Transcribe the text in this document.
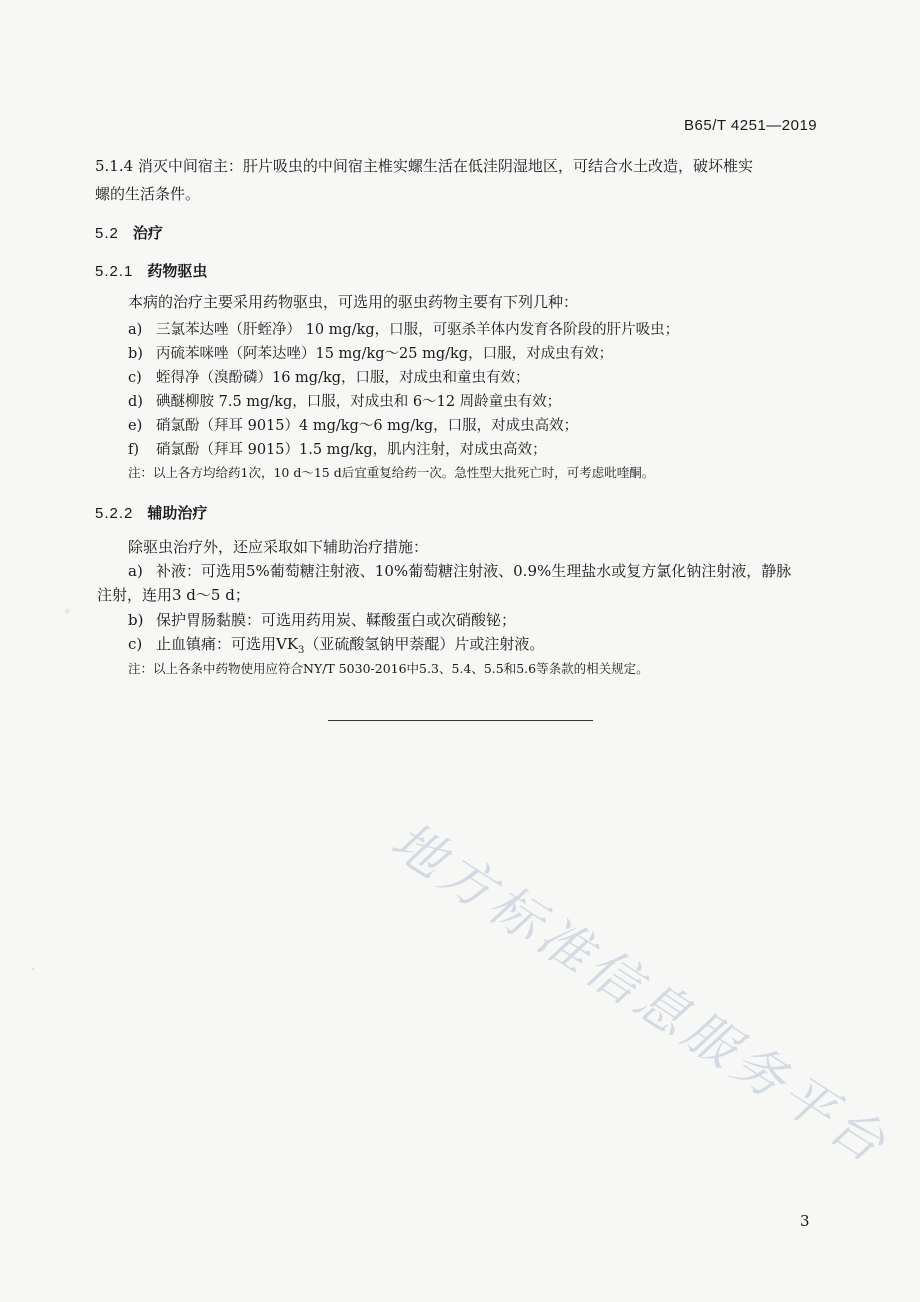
B65/T 4251—2019
5.1.4 消灭中间宿主：肝片吸虫的中间宿主椎实螺生活在低洼阴湿地区，可结合水土改造，破坏椎实
螺的生活条件。
5.2 治疗
5.2.1 药物驱虫
本病的治疗主要采用药物驱虫，可选用的驱虫药物主要有下列几种：
a) 三氯苯达唑（肝蛭净） 10 mg/kg，口服，可驱杀羊体内发育各阶段的肝片吸虫；
b) 丙硫苯咪唑（阿苯达唑）15 mg/kg～25 mg/kg，口服，对成虫有效；
c) 蛭得净（溴酚磷）16 mg/kg，口服，对成虫和童虫有效；
d) 碘醚柳胺 7.5 mg/kg，口服，对成虫和 6～12 周龄童虫有效；
e) 硝氯酚（拜耳 9015）4 mg/kg～6 mg/kg，口服，对成虫高效；
f) 硝氯酚（拜耳 9015）1.5 mg/kg，肌内注射，对成虫高效；
注：以上各方均给药1次，10 d～15 d后宜重复给药一次。急性型大批死亡时，可考虑吡喹酮。
5.2.2 辅助治疗
除驱虫治疗外，还应采取如下辅助治疗措施：
a) 补液：可选用5%葡萄糖注射液、10%葡萄糖注射液、0.9%生理盐水或复方氯化钠注射液，静脉
注射，连用3 d～5 d；
b) 保护胃肠黏膜：可选用药用炭、鞣酸蛋白或次硝酸铋；
c) 止血镇痛：可选用$VK_3$（亚硫酸氢钠甲萘醌）片或注射液。
注：以上各条中药物使用应符合NY/T 5030-2016中5.3、5.4、5.5和5.6等条款的相关规定。
地方标准信息服务平台
3
⁘
·
